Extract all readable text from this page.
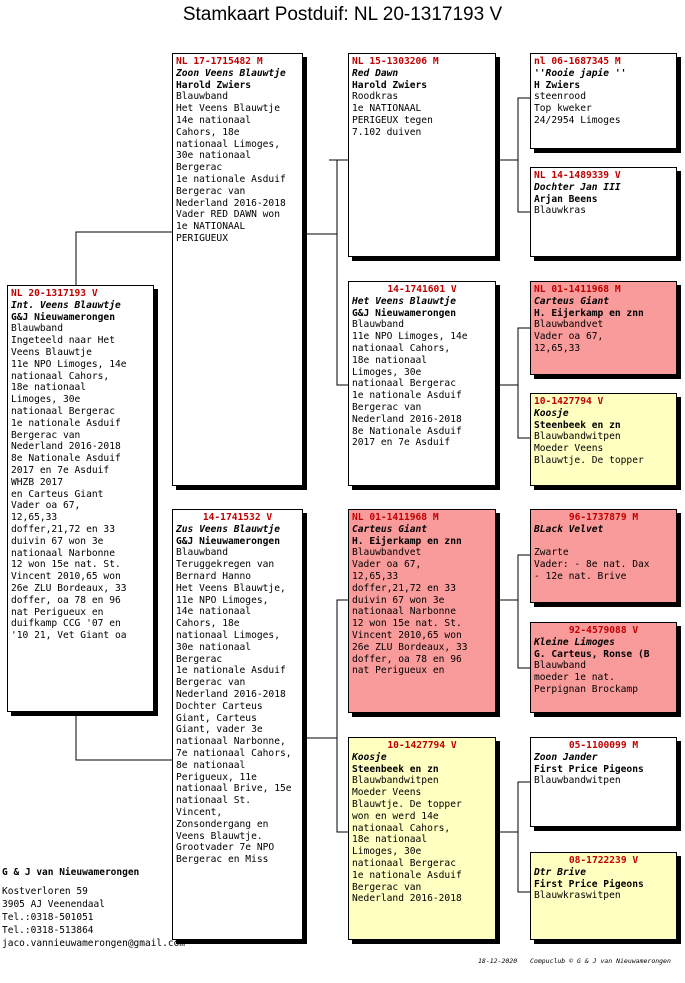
Stamkaart Postduif: NL 20-1317193 V
NL 20-1317193 V
Int. Veens Blauwtje
G&J Nieuwamerongen
Blauwband
Ingeteeld naar Het
Veens Blauwtje
11e NPO Limoges, 14e
nationaal Cahors,
18e nationaal
Limoges, 30e
nationaal Bergerac
1e nationale Asduif
Bergerac van
Nederland 2016-2018
8e Nationale Asduif
2017 en 7e Asduif
WHZB 2017
en Carteus Giant
Vader oa 67,
12,65,33
doffer,21,72 en 33
duivin 67 won 3e
nationaal Narbonne
12 won 15e nat. St.
Vincent 2010,65 won
26e ZLU Bordeaux, 33
doffer, oa 78 en 96
nat Perigueux en
duifkamp CCG '07 en
'10 21, Vet Giant oa
NL 17-1715482 M
Zoon Veens Blauwtje
Harold Zwiers
Blauwband
Het Veens Blauwtje
14e nationaal
Cahors, 18e
nationaal Limoges,
30e nationaal
Bergerac
1e nationale Asduif
Bergerac van
Nederland 2016-2018
Vader RED DAWN won
1e NATIONAAL
PERIGUEUX
14-1741532 V
Zus Veens Blauwtje
G&J Nieuwamerongen
Blauwband
Teruggekregen van
Bernard Hanno
Het Veens Blauwtje,
11e NPO Limoges,
14e nationaal
Cahors, 18e
nationaal Limoges,
30e nationaal
Bergerac
1e nationale Asduif
Bergerac van
Nederland 2016-2018
Dochter Carteus
Giant, Carteus
Giant, vader 3e
nationaal Narbonne,
7e nationaal Cahors,
8e nationaal
Perigueux, 11e
nationaal Brive, 15e
nationaal St.
Vincent,
Zonsondergang en
Veens Blauwtje.
Grootvader 7e NPO
Bergerac en Miss
NL 15-1303206 M
Red Dawn
Harold Zwiers
Roodkras
1e NATIONAAL
PERIGEUX tegen
7.102 duiven
14-1741601 V
Het Veens Blauwtje
G&J Nieuwamerongen
Blauwband
11e NPO Limoges, 14e
nationaal Cahors,
18e nationaal
Limoges, 30e
nationaal Bergerac
1e nationale Asduif
Bergerac van
Nederland 2016-2018
8e Nationale Asduif
2017 en 7e Asduif
NL 01-1411968 M
Carteus Giant
H. Eijerkamp en znn
Blauwbandvet
Vader oa 67,
12,65,33
doffer,21,72 en 33
duivin 67 won 3e
nationaal Narbonne
12 won 15e nat. St.
Vincent 2010,65 won
26e ZLU Bordeaux, 33
doffer, oa 78 en 96
nat Perigueux en
10-1427794 V
Koosje
Steenbeek en zn
Blauwbandwitpen
Moeder Veens
Blauwtje. De topper
won en werd 14e
nationaal Cahors,
18e nationaal
Limoges, 30e
nationaal Bergerac
1e nationale Asduif
Bergerac van
Nederland 2016-2018
nl 06-1687345 M
''Rooie japie ''
H Zwiers
steenrood
Top kweker
24/2954 Limoges
NL 14-1489339 V
Dochter Jan III
Arjan Beens
Blauwkras
NL 01-1411968 M
Carteus Giant
H. Eijerkamp en znn
Blauwbandvet
Vader oa 67,
12,65,33
10-1427794 V
Koosje
Steenbeek en zn
Blauwbandwitpen
Moeder Veens
Blauwtje. De topper
96-1737879 M
BLack Velvet

Zwarte
Vader: - 8e nat. Dax
- 12e nat. Brive
92-4579088 V
Kleine Limoges
G. Carteus, Ronse (B
Blauwband
moeder 1e nat.
Perpignan Brockamp
05-1100099 M
Zoon Jander
First Price Pigeons
Blauwbandwitpen
08-1722239 V
Dtr Brive
First Price Pigeons
Blauwkraswitpen
G & J van Nieuwamerongen
Kostverloren 59
3905 AJ Veenendaal
Tel.:0318-501051
Tel.:0318-513864
jaco.vannieuwamerongen@gmail.com
18-12-2020 Compuclub © G & J van Nieuwamerongen
